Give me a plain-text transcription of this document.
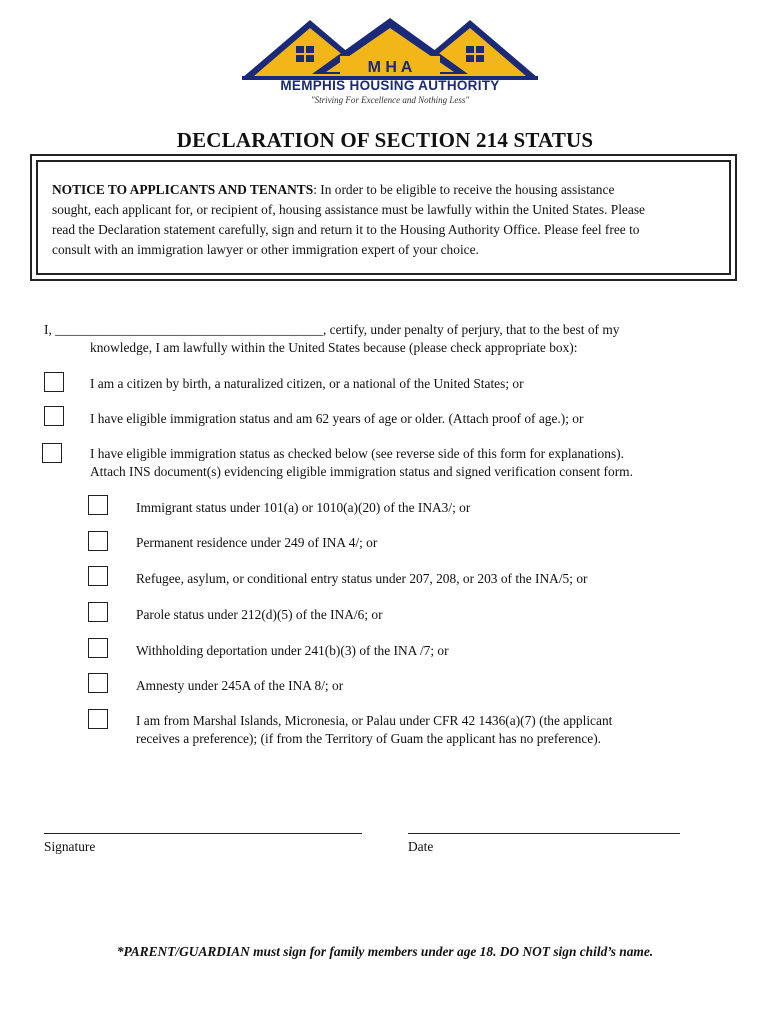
M H A
MEMPHIS HOUSING AUTHORITY
"Striving For Excellence and Nothing Less"
DECLARATION OF SECTION 214 STATUS
NOTICE TO APPLICANTS AND TENANTS: In order to be eligible to receive the housing assistance
sought, each applicant for, or recipient of, housing assistance must be lawfully within the United States. Please
read the Declaration statement carefully, sign and return it to the Housing Authority Office. Please feel free to
consult with an immigration lawyer or other immigration expert of your choice.
I, ________________________________________, certify, under penalty of perjury, that to the best of my
knowledge, I am lawfully within the United States because (please check appropriate box):
I am a citizen by birth, a naturalized citizen, or a national of the United States; or
I have eligible immigration status and am 62 years of age or older. (Attach proof of age.); or
I have eligible immigration status as checked below (see reverse side of this form for explanations).
Attach INS document(s) evidencing eligible immigration status and signed verification consent form.
Immigrant status under 101(a) or 1010(a)(20) of the INA3/; or
Permanent residence under 249 of INA 4/; or
Refugee, asylum, or conditional entry status under 207, 208, or 203 of the INA/5; or
Parole status under 212(d)(5) of the INA/6; or
Withholding deportation under 241(b)(3) of the INA /7; or
Amnesty under 245A of the INA 8/; or
I am from Marshal Islands, Micronesia, or Palau under CFR 42 1436(a)(7) (the applicant
receives a preference); (if from the Territory of Guam the applicant has no preference).
Signature	Date
*PARENT/GUARDIAN must sign for family members under age 18. DO NOT sign child’s name.
